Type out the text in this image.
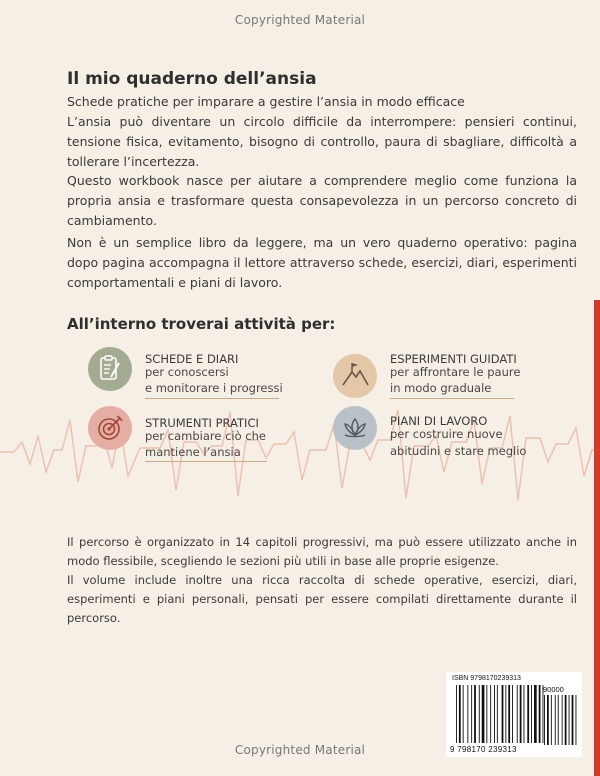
Copyrighted Material
Il mio quaderno dell’ansia
Schede pratiche per imparare a gestire l’ansia in modo efficace
L’ansia può diventare un circolo difficile da interrompere: pensieri continui, tensione fisica, evitamento, bisogno di controllo, paura di sbagliare, difficoltà a tollerare l’incertezza.
Questo workbook nasce per aiutare a comprendere meglio come funziona la propria ansia e trasformare questa consapevolezza in un percorso concreto di cambiamento.
Non è un semplice libro da leggere, ma un vero quaderno operativo: pagina dopo pagina accompagna il lettore attraverso schede, esercizi, diari, esperimenti comportamentali e piani di lavoro.
All’interno troverai attività per:
SCHEDE E DIARI
per conoscersi
e monitorare i progressi
ESPERIMENTI GUIDATI
per affrontare le paure
in modo graduale
STRUMENTI PRATICI
per cambiare ciò che
mantiene l’ansia
PIANI DI LAVORO
per costruire nuove
abitudini e stare meglio
Il percorso è organizzato in 14 capitoli progressivi, ma può essere utilizzato anche in modo flessibile, scegliendo le sezioni più utili in base alle proprie esigenze.
Il volume include inoltre una ricca raccolta di schede operative, esercizi, diari, esperimenti e piani personali, pensati per essere compilati direttamente durante il percorso.
ISBN 9798170239313
90000
9 798170 239313
Copyrighted Material
